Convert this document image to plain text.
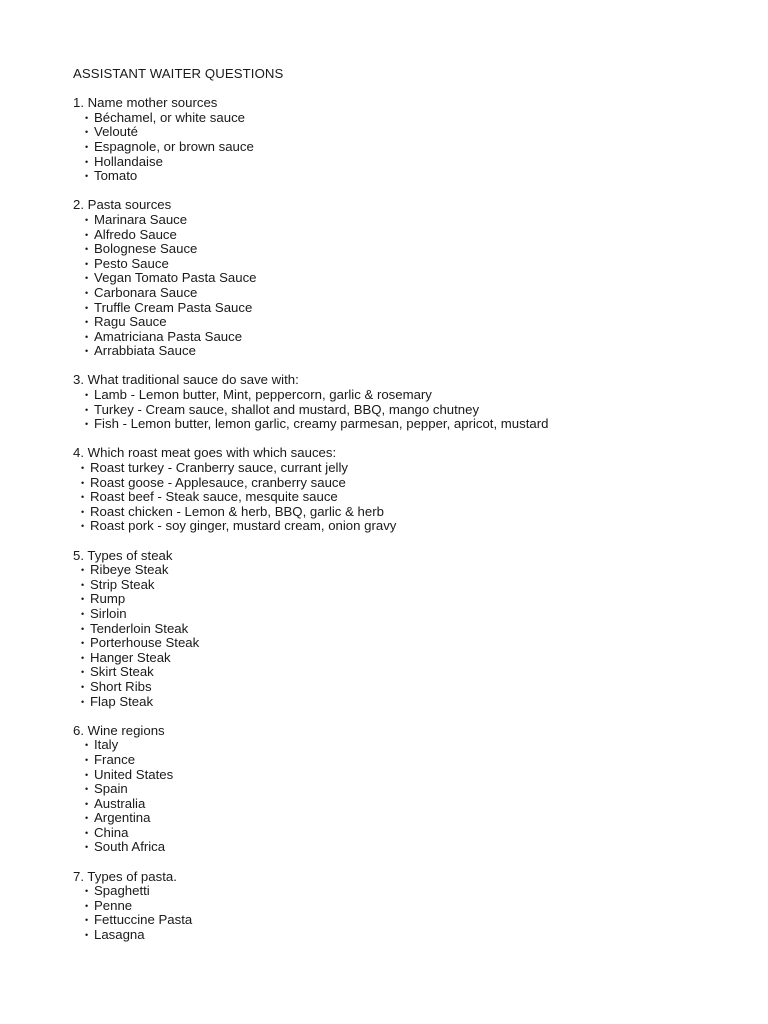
ASSISTANT WAITER QUESTIONS
1. Name mother sources
• Béchamel, or white sauce
• Velouté
• Espagnole, or brown sauce
• Hollandaise
• Tomato
2. Pasta sources
• Marinara Sauce
• Alfredo Sauce
• Bolognese Sauce
• Pesto Sauce
• Vegan Tomato Pasta Sauce
• Carbonara Sauce
• Truffle Cream Pasta Sauce
• Ragu Sauce
• Amatriciana Pasta Sauce
• Arrabbiata Sauce
3. What traditional sauce do save with:
• Lamb - Lemon butter, Mint, peppercorn, garlic & rosemary
• Turkey - Cream sauce, shallot and mustard, BBQ, mango chutney
• Fish - Lemon butter, lemon garlic, creamy parmesan, pepper, apricot, mustard
4. Which roast meat goes with which sauces:
• Roast turkey - Cranberry sauce, currant jelly
• Roast goose - Applesauce, cranberry sauce
• Roast beef - Steak sauce, mesquite sauce
• Roast chicken - Lemon & herb, BBQ, garlic & herb
• Roast pork - soy ginger, mustard cream, onion gravy
5. Types of steak
• Ribeye Steak
• Strip Steak
• Rump
• Sirloin
• Tenderloin Steak
• Porterhouse Steak
• Hanger Steak
• Skirt Steak
• Short Ribs
• Flap Steak
6. Wine regions
• Italy
• France
• United States
• Spain
• Australia
• Argentina
• China
• South Africa
7. Types of pasta.
• Spaghetti
• Penne
• Fettuccine Pasta
• Lasagna
